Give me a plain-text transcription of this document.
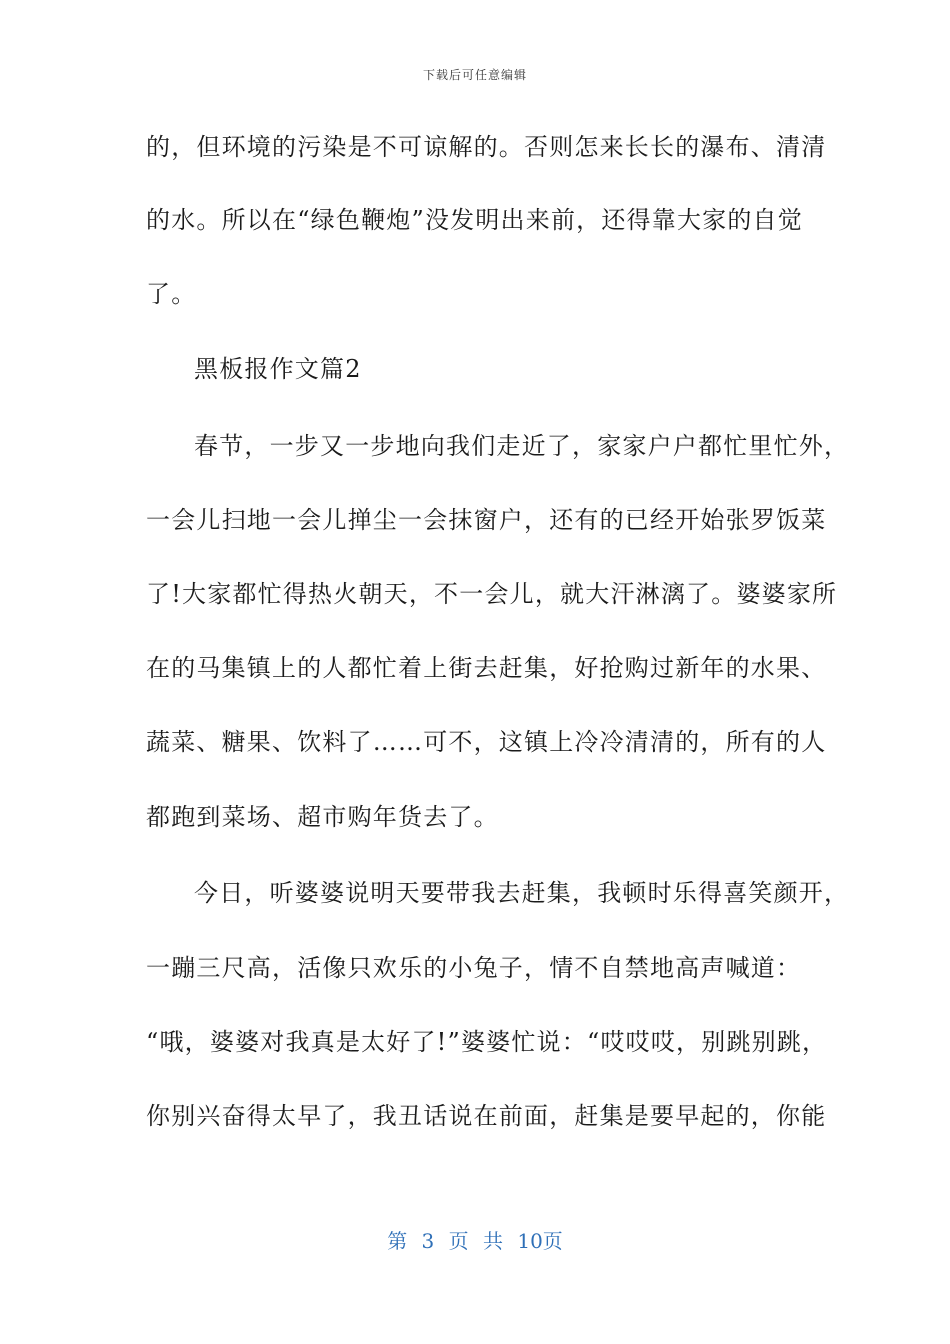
下载后可任意编辑
的，但环境的污染是不可谅解的。否则怎来长长的瀑布、清清
的水。所以在“绿色鞭炮”没发明出来前，还得靠大家的自觉
了。
黑板报作文篇2
春节，一步又一步地向我们走近了，家家户户都忙里忙外，
一会儿扫地一会儿掸尘一会抹窗户，还有的已经开始张罗饭菜
了!大家都忙得热火朝天，不一会儿，就大汗淋漓了。婆婆家所
在的马集镇上的人都忙着上街去赶集，好抢购过新年的水果、
蔬菜、糖果、饮料了……可不，这镇上冷冷清清的，所有的人
都跑到菜场、超市购年货去了。
今日，听婆婆说明天要带我去赶集，我顿时乐得喜笑颜开，
一蹦三尺高，活像只欢乐的小兔子，情不自禁地高声喊道：
“哦，婆婆对我真是太好了!”婆婆忙说：“哎哎哎，别跳别跳，
你别兴奋得太早了，我丑话说在前面，赶集是要早起的，你能
第 3 页 共 10页
